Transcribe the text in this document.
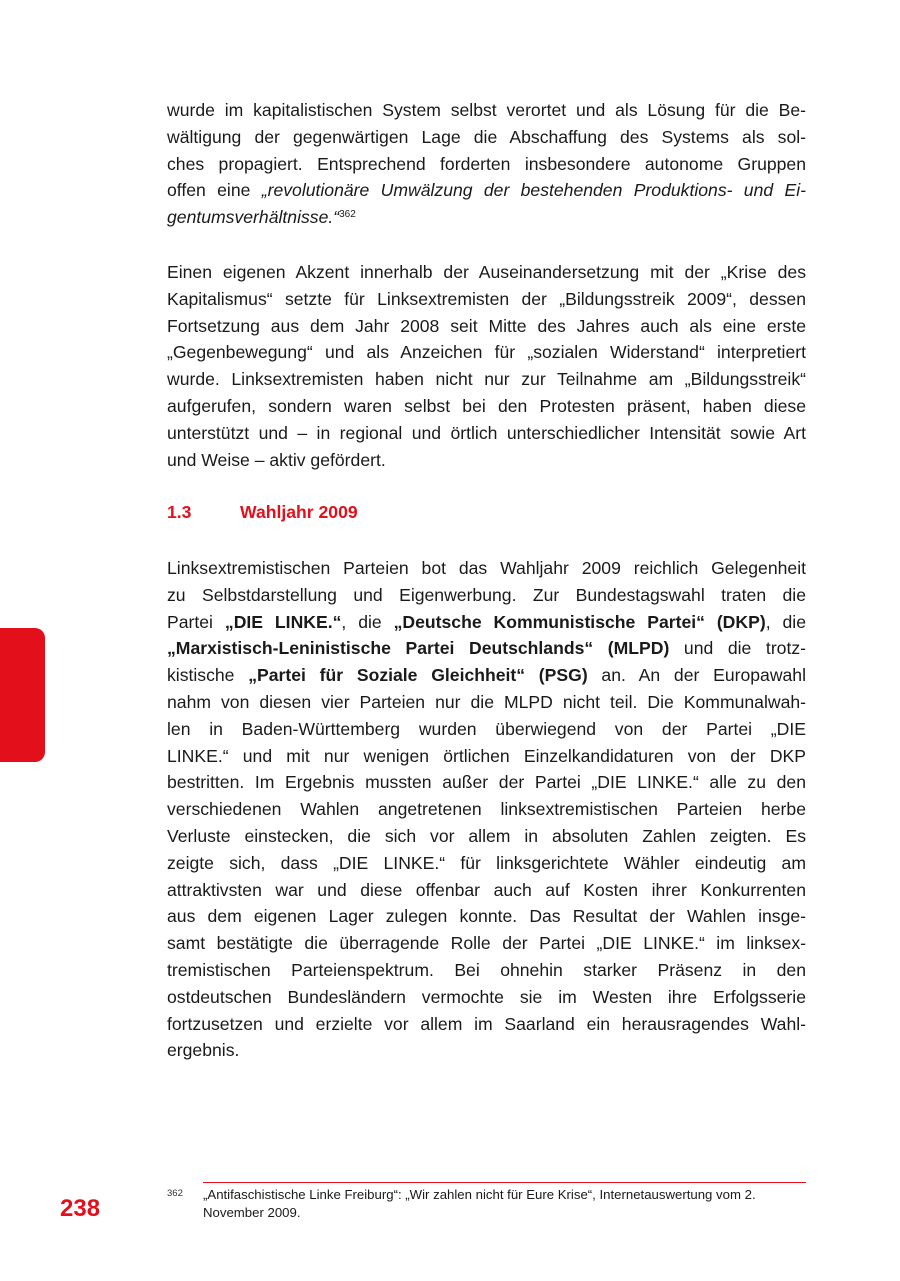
wurde im kapitalistischen System selbst verortet und als Lösung für die Be-
wältigung der gegenwärtigen Lage die Abschaffung des Systems als sol-
ches propagiert. Entsprechend forderten insbesondere autonome Gruppen
offen eine „revolutionäre Umwälzung der bestehenden Produktions- und Ei-
gentumsverhältnisse.“$^{362}$
Einen eigenen Akzent innerhalb der Auseinandersetzung mit der „Krise des
Kapitalismus“ setzte für Linksextremisten der „Bildungsstreik 2009“, dessen
Fortsetzung aus dem Jahr 2008 seit Mitte des Jahres auch als eine erste
„Gegenbewegung“ und als Anzeichen für „sozialen Widerstand“ interpretiert
wurde. Linksextremisten haben nicht nur zur Teilnahme am „Bildungsstreik“
aufgerufen, sondern waren selbst bei den Protesten präsent, haben diese
unterstützt und – in regional und örtlich unterschiedlicher Intensität sowie Art
und Weise – aktiv gefördert.
1.3	Wahljahr 2009
Linksextremistischen Parteien bot das Wahljahr 2009 reichlich Gelegenheit
zu Selbstdarstellung und Eigenwerbung. Zur Bundestagswahl traten die
Partei „DIE LINKE.“, die „Deutsche Kommunistische Partei“ (DKP), die
„Marxistisch-Leninistische Partei Deutschlands“ (MLPD) und die trotz-
kistische „Partei für Soziale Gleichheit“ (PSG) an. An der Europawahl
nahm von diesen vier Parteien nur die MLPD nicht teil. Die Kommunalwah-
len in Baden-Württemberg wurden überwiegend von der Partei „DIE
LINKE.“ und mit nur wenigen örtlichen Einzelkandidaturen von der DKP
bestritten. Im Ergebnis mussten außer der Partei „DIE LINKE.“ alle zu den
verschiedenen Wahlen angetretenen linksextremistischen Parteien herbe
Verluste einstecken, die sich vor allem in absoluten Zahlen zeigten. Es
zeigte sich, dass „DIE LINKE.“ für linksgerichtete Wähler eindeutig am
attraktivsten war und diese offenbar auch auf Kosten ihrer Konkurrenten
aus dem eigenen Lager zulegen konnte. Das Resultat der Wahlen insge-
samt bestätigte die überragende Rolle der Partei „DIE LINKE.“ im linksex-
tremistischen Parteienspektrum. Bei ohnehin starker Präsenz in den
ostdeutschen Bundesländern vermochte sie im Westen ihre Erfolgsserie
fortzusetzen und erzielte vor allem im Saarland ein herausragendes Wahl-
ergebnis.
362 „Antifaschistische Linke Freiburg“: „Wir zahlen nicht für Eure Krise“, Internetauswertung vom 2. November 2009.
238
